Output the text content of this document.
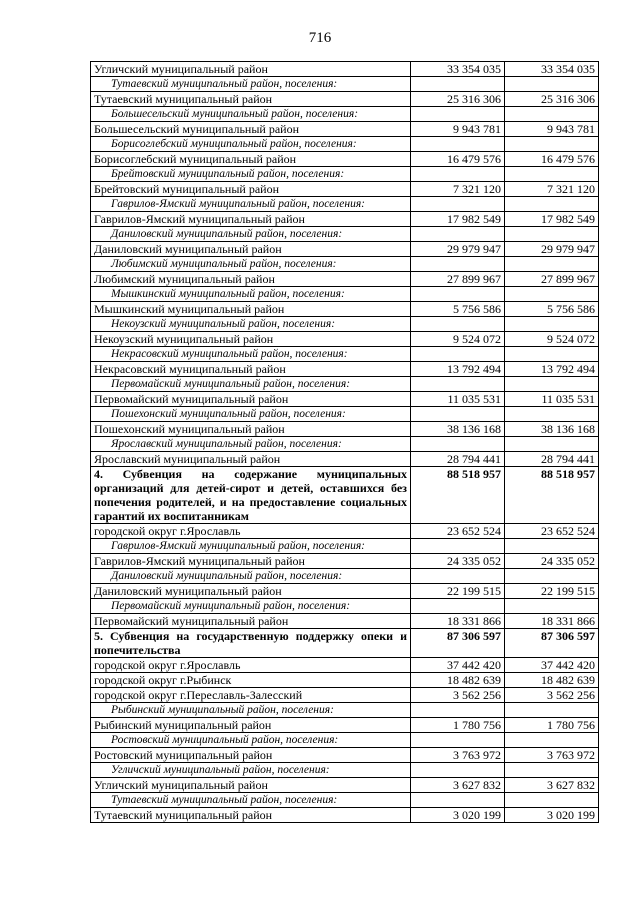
716
Угличский муниципальный район	33 354 035	33 354 035
Тутаевский муниципальный район, поселения:		
Тутаевский муниципальный район	25 316 306	25 316 306
Большесельский муниципальный район, поселения:		
Большесельский муниципальный район	9 943 781	9 943 781
Борисоглебский муниципальный район, поселения:		
Борисоглебский муниципальный район	16 479 576	16 479 576
Брейтовский муниципальный район, поселения:		
Брейтовский муниципальный район	7 321 120	7 321 120
Гаврилов-Ямский муниципальный район, поселения:		
Гаврилов-Ямский муниципальный район	17 982 549	17 982 549
Даниловский муниципальный район, поселения:		
Даниловский муниципальный район	29 979 947	29 979 947
Любимский муниципальный район, поселения:		
Любимский муниципальный район	27 899 967	27 899 967
Мышкинский муниципальный район, поселения:		
Мышкинский муниципальный район	5 756 586	5 756 586
Некоузский муниципальный район, поселения:		
Некоузский муниципальный район	9 524 072	9 524 072
Некрасовский муниципальный район, поселения:		
Некрасовский муниципальный район	13 792 494	13 792 494
Первомайский муниципальный район, поселения:		
Первомайский муниципальный район	11 035 531	11 035 531
Пошехонский муниципальный район, поселения:		
Пошехонский муниципальный район	38 136 168	38 136 168
Ярославский муниципальный район, поселения:		
Ярославский муниципальный район	28 794 441	28 794 441
4. Субвенция на содержание муниципальных организаций для детей-сирот и детей, оставшихся без попечения родителей, и на предоставление социальных гарантий их воспитанникам	88 518 957	88 518 957
городской округ г.Ярославль	23 652 524	23 652 524
Гаврилов-Ямский муниципальный район, поселения:		
Гаврилов-Ямский муниципальный район	24 335 052	24 335 052
Даниловский муниципальный район, поселения:		
Даниловский муниципальный район	22 199 515	22 199 515
Первомайский муниципальный район, поселения:		
Первомайский муниципальный район	18 331 866	18 331 866
5. Субвенция на государственную поддержку опеки и попечительства	87 306 597	87 306 597
городской округ г.Ярославль	37 442 420	37 442 420
городской округ г.Рыбинск	18 482 639	18 482 639
городской округ г.Переславль-Залесский	3 562 256	3 562 256
Рыбинский муниципальный район, поселения:		
Рыбинский муниципальный район	1 780 756	1 780 756
Ростовский муниципальный район, поселения:		
Ростовский муниципальный район	3 763 972	3 763 972
Угличский муниципальный район, поселения:		
Угличский муниципальный район	3 627 832	3 627 832
Тутаевский муниципальный район, поселения:		
Тутаевский муниципальный район	3 020 199	3 020 199
